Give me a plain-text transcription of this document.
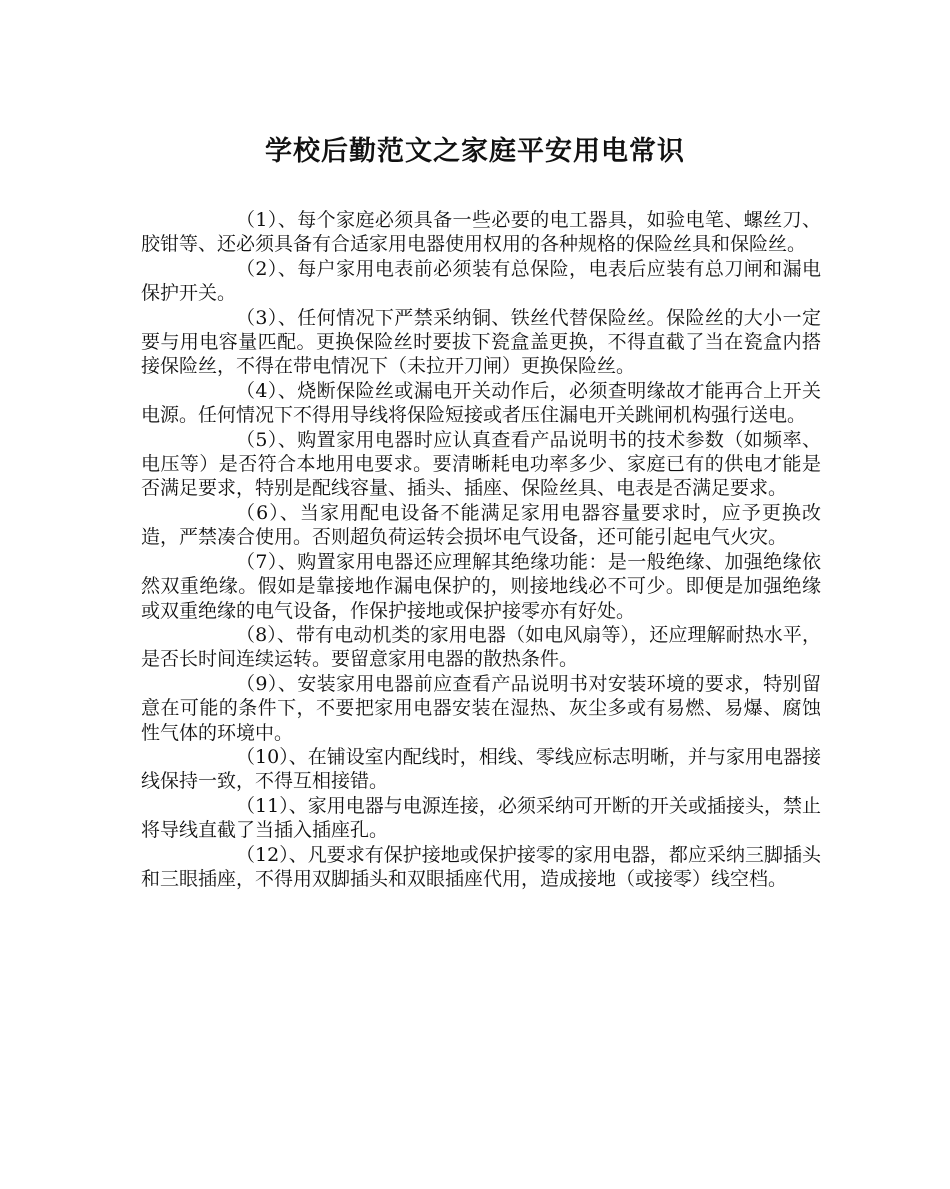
学校后勤范文之家庭平安用电常识

（1）、每个家庭必须具备一些必要的电工器具，如验电笔、螺丝刀、胶钳等、还必须具备有合适家用电器使用权用的各种规格的保险丝具和保险丝。

（2）、每户家用电表前必须装有总保险，电表后应装有总刀闸和漏电保护开关。

（3）、任何情况下严禁采纳铜、铁丝代替保险丝。保险丝的大小一定要与用电容量匹配。更换保险丝时要拔下瓷盒盖更换，不得直截了当在瓷盒内搭接保险丝，不得在带电情况下（未拉开刀闸）更换保险丝。

（4）、烧断保险丝或漏电开关动作后，必须查明缘故才能再合上开关电源。任何情况下不得用导线将保险短接或者压住漏电开关跳闸机构强行送电。

（5）、购置家用电器时应认真查看产品说明书的技术参数（如频率、电压等）是否符合本地用电要求。要清晰耗电功率多少、家庭已有的供电才能是否满足要求，特别是配线容量、插头、插座、保险丝具、电表是否满足要求。

（6）、当家用配电设备不能满足家用电器容量要求时，应予更换改造，严禁凑合使用。否则超负荷运转会损坏电气设备，还可能引起电气火灾。

（7）、购置家用电器还应理解其绝缘功能：是一般绝缘、加强绝缘依然双重绝缘。假如是靠接地作漏电保护的，则接地线必不可少。即便是加强绝缘或双重绝缘的电气设备，作保护接地或保护接零亦有好处。

（8）、带有电动机类的家用电器（如电风扇等），还应理解耐热水平，是否长时间连续运转。要留意家用电器的散热条件。

（9）、安装家用电器前应查看产品说明书对安装环境的要求，特别留意在可能的条件下，不要把家用电器安装在湿热、灰尘多或有易燃、易爆、腐蚀性气体的环境中。

（10）、在铺设室内配线时，相线、零线应标志明晰，并与家用电器接线保持一致，不得互相接错。

（11）、家用电器与电源连接，必须采纳可开断的开关或插接头，禁止将导线直截了当插入插座孔。

（12）、凡要求有保护接地或保护接零的家用电器，都应采纳三脚插头和三眼插座，不得用双脚插头和双眼插座代用，造成接地（或接零）线空档。
